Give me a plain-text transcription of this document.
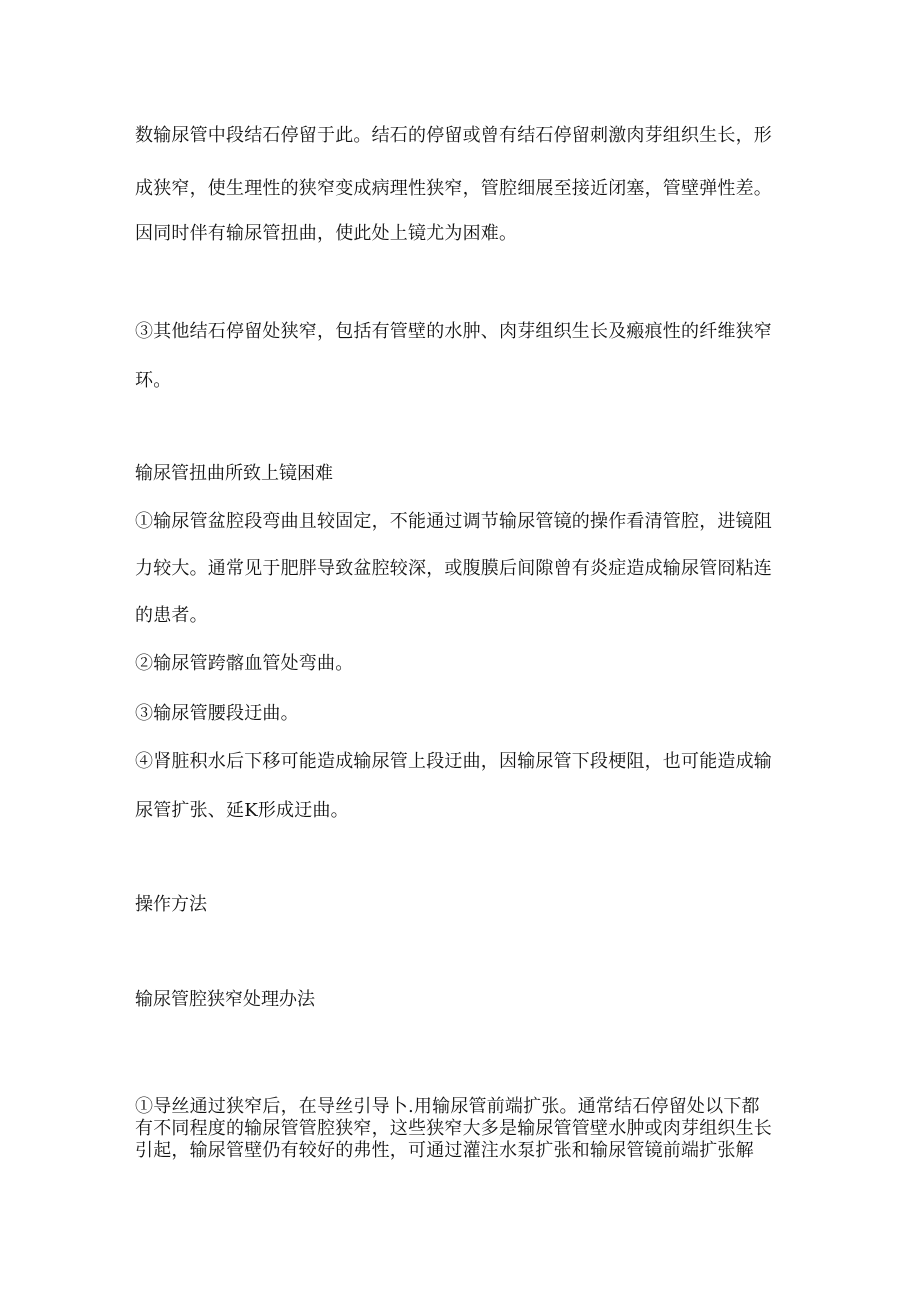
数输尿管中段结石停留于此。结石的停留或曾有结石停留刺激肉芽组织生长，形
成狭窄，使生理性的狭窄变成病理性狭窄，管腔细展至接近闭塞，管壁弹性差。
因同时伴有输尿管扭曲，使此处上镜尤为困难。
③其他结石停留处狭窄，包括有管壁的水肿、肉芽组织生长及瘢痕性的纤维狭窄
环。
输尿管扭曲所致上镜困难
①输尿管盆腔段弯曲且较固定，不能通过调节输尿管镜的操作看清管腔，进镜阻
力较大。通常见于肥胖导致盆腔较深，或腹膜后间隙曾有炎症造成输尿管冏粘连
的患者。
②输尿管跨髂血管处弯曲。
③输尿管腰段迂曲。
④肾脏积水后下移可能造成输尿管上段迂曲，因输尿管下段梗阻，也可能造成输
尿管扩张、延K形成迂曲。
操作方法
输尿管腔狭窄处理办法
①导丝通过狭窄后，在导丝引导卜.用输尿管前端扩张。通常结石停留处以下都
有不同程度的输尿管管腔狭窄，这些狭窄大多是输尿管管壁水肿或肉芽组织生长
引起，输尿管壁仍有较好的弗性，可通过灌注水泵扩张和输尿管镜前端扩张解
